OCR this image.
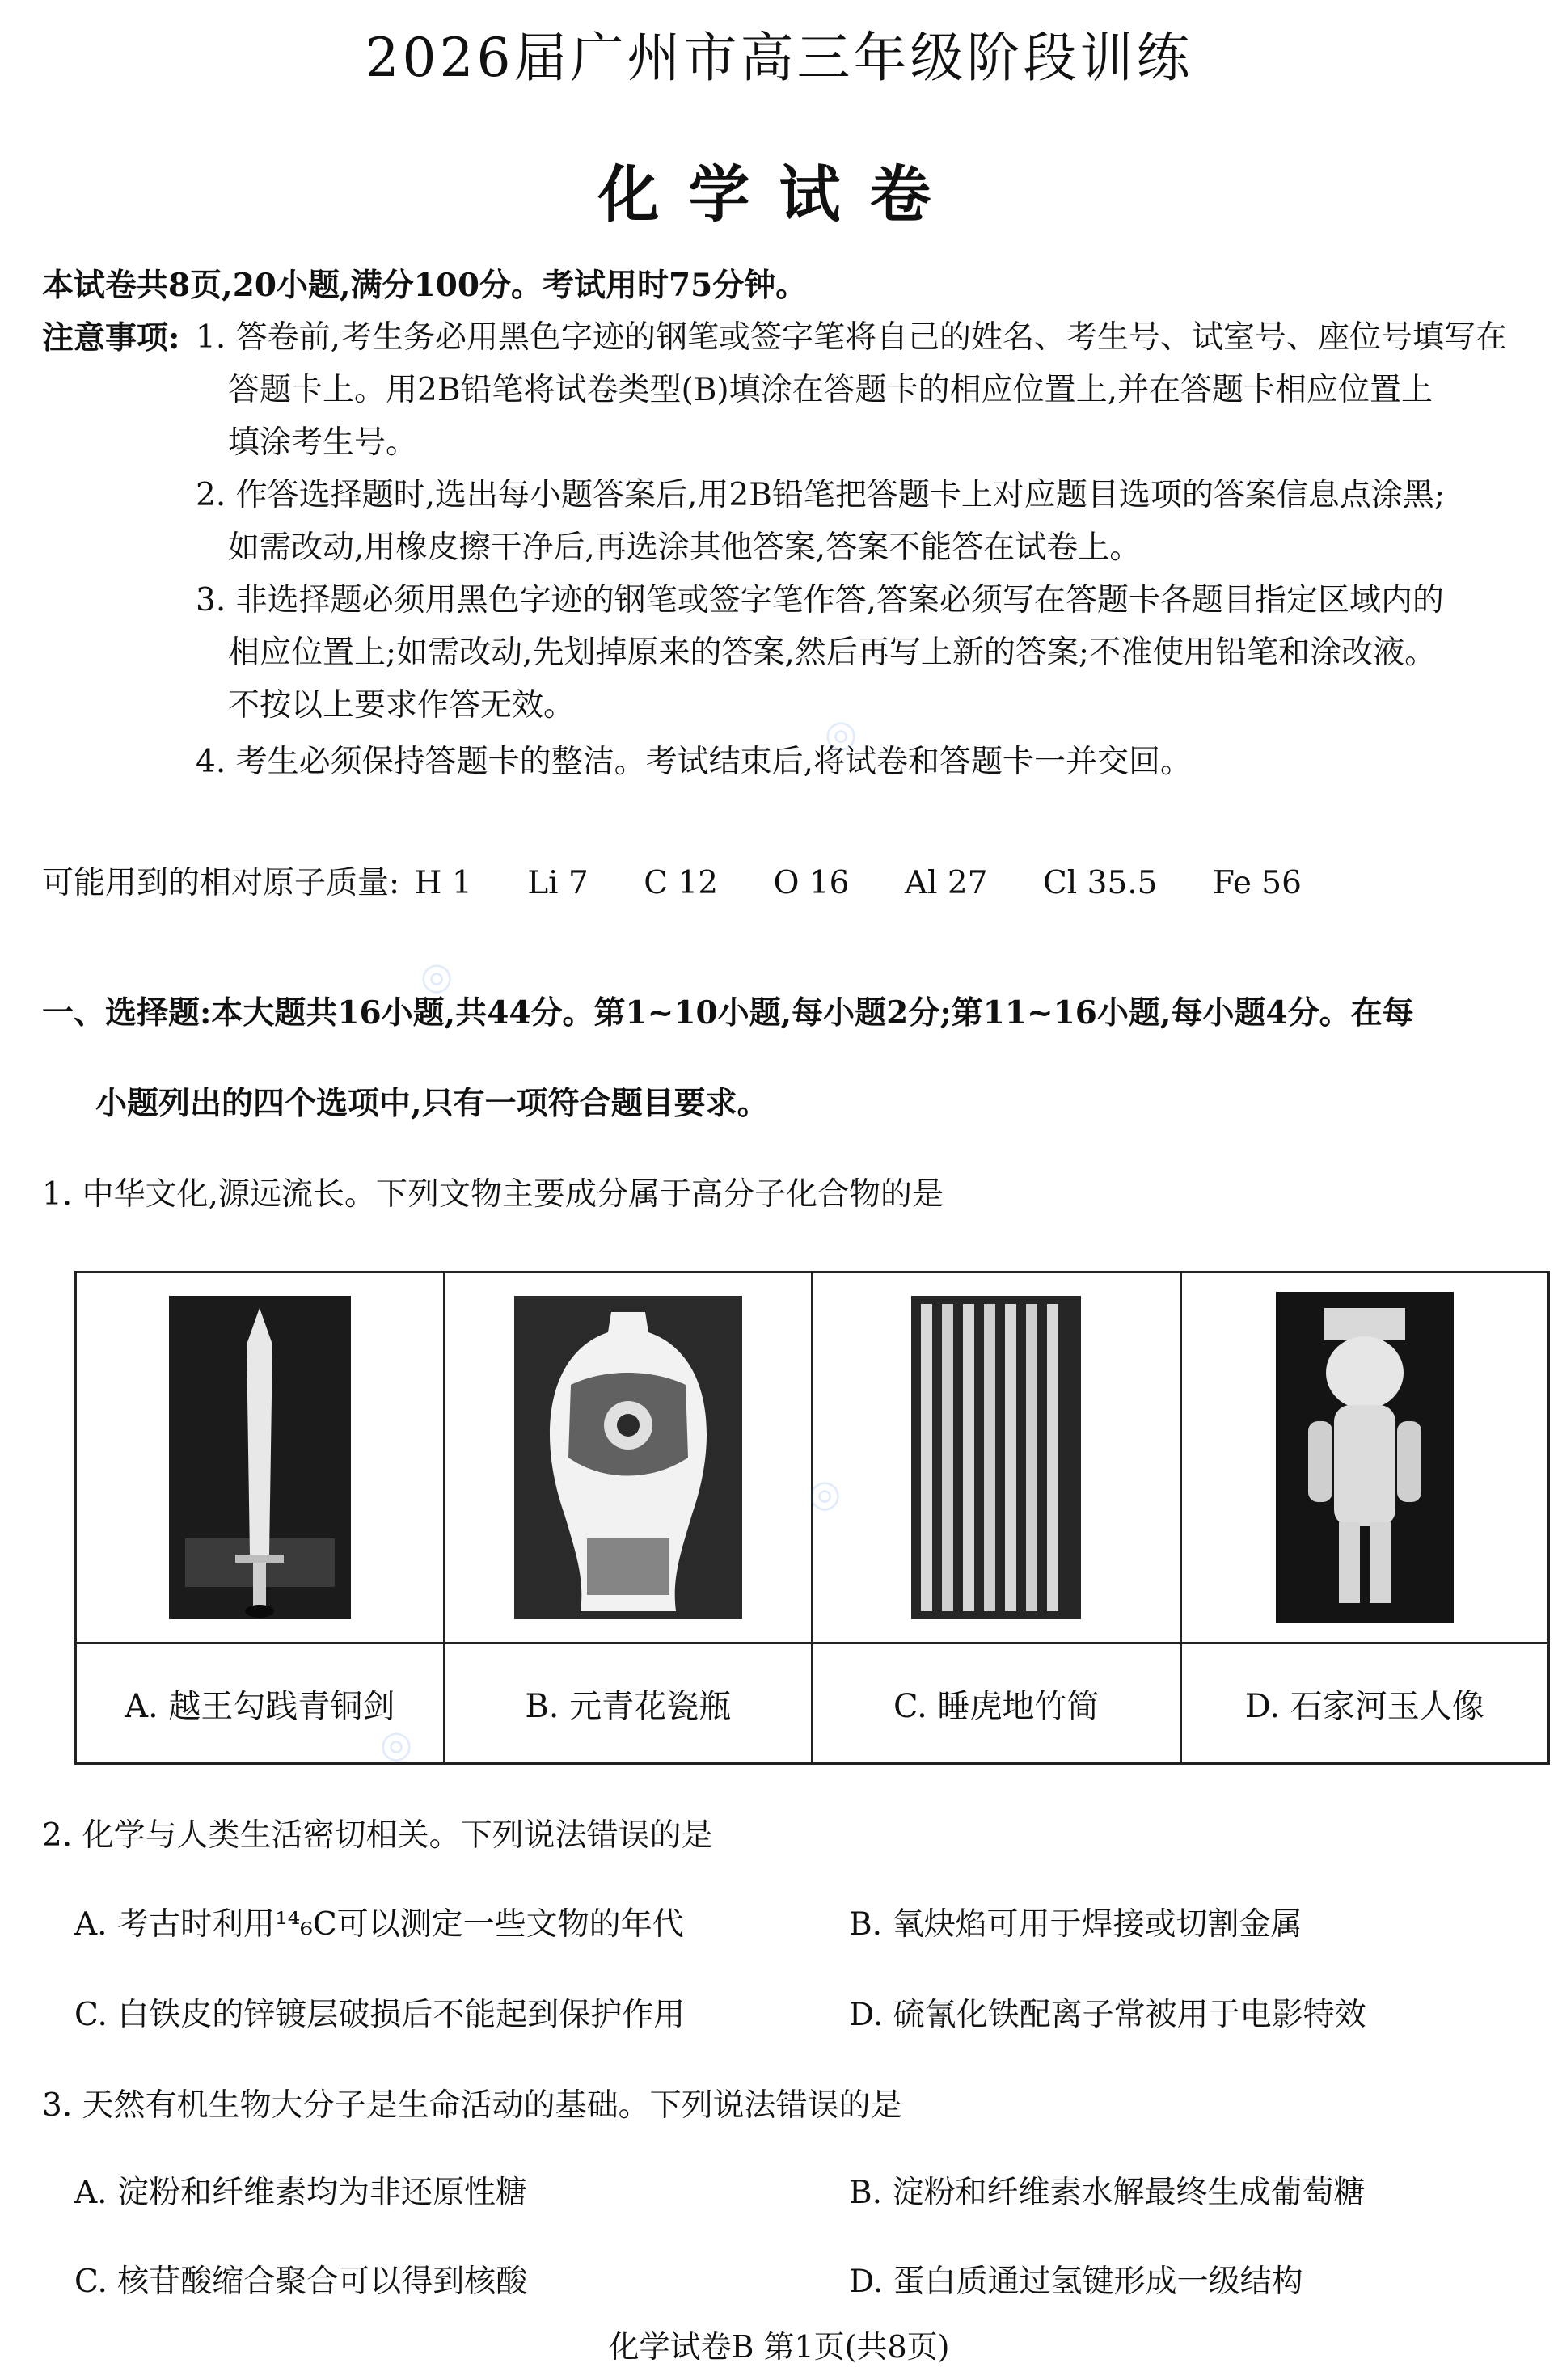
2026届广州市高三年级阶段训练
化学试卷
本试卷共8页,20小题,满分100分。考试用时75分钟。
注意事项: 1. 答卷前,考生务必用黑色字迹的钢笔或签字笔将自己的姓名、考生号、试室号、座位号填写在
答题卡上。用2B铅笔将试卷类型(B)填涂在答题卡的相应位置上,并在答题卡相应位置上
填涂考生号。
2. 作答选择题时,选出每小题答案后,用2B铅笔把答题卡上对应题目选项的答案信息点涂黑;
如需改动,用橡皮擦干净后,再选涂其他答案,答案不能答在试卷上。
3. 非选择题必须用黑色字迹的钢笔或签字笔作答,答案必须写在答题卡各题目指定区域内的
相应位置上;如需改动,先划掉原来的答案,然后再写上新的答案;不准使用铅笔和涂改液。
不按以上要求作答无效。
4. 考生必须保持答题卡的整洁。考试结束后,将试卷和答题卡一并交回。
可能用到的相对原子质量: H 1 Li 7 C 12 O 16 Al 27 Cl 35.5 Fe 56
一、选择题:本大题共16小题,共44分。第1~10小题,每小题2分;第11~16小题,每小题4分。在每
小题列出的四个选项中,只有一项符合题目要求。
1. 中华文化,源远流长。下列文物主要成分属于高分子化合物的是

A. 越王勾践青铜剑	B. 元青花瓷瓶	C. 睡虎地竹简	D. 石家河玉人像
2. 化学与人类生活密切相关。下列说法错误的是
A. 考古时利用¹⁴₆C可以测定一些文物的年代	B. 氧炔焰可用于焊接或切割金属
C. 白铁皮的锌镀层破损后不能起到保护作用	D. 硫氰化铁配离子常被用于电影特效
3. 天然有机生物大分子是生命活动的基础。下列说法错误的是
A. 淀粉和纤维素均为非还原性糖	B. 淀粉和纤维素水解最终生成葡萄糖
C. 核苷酸缩合聚合可以得到核酸	D. 蛋白质通过氢键形成一级结构
化学试卷B 第1页(共8页)
◎
◎
◎
◎
